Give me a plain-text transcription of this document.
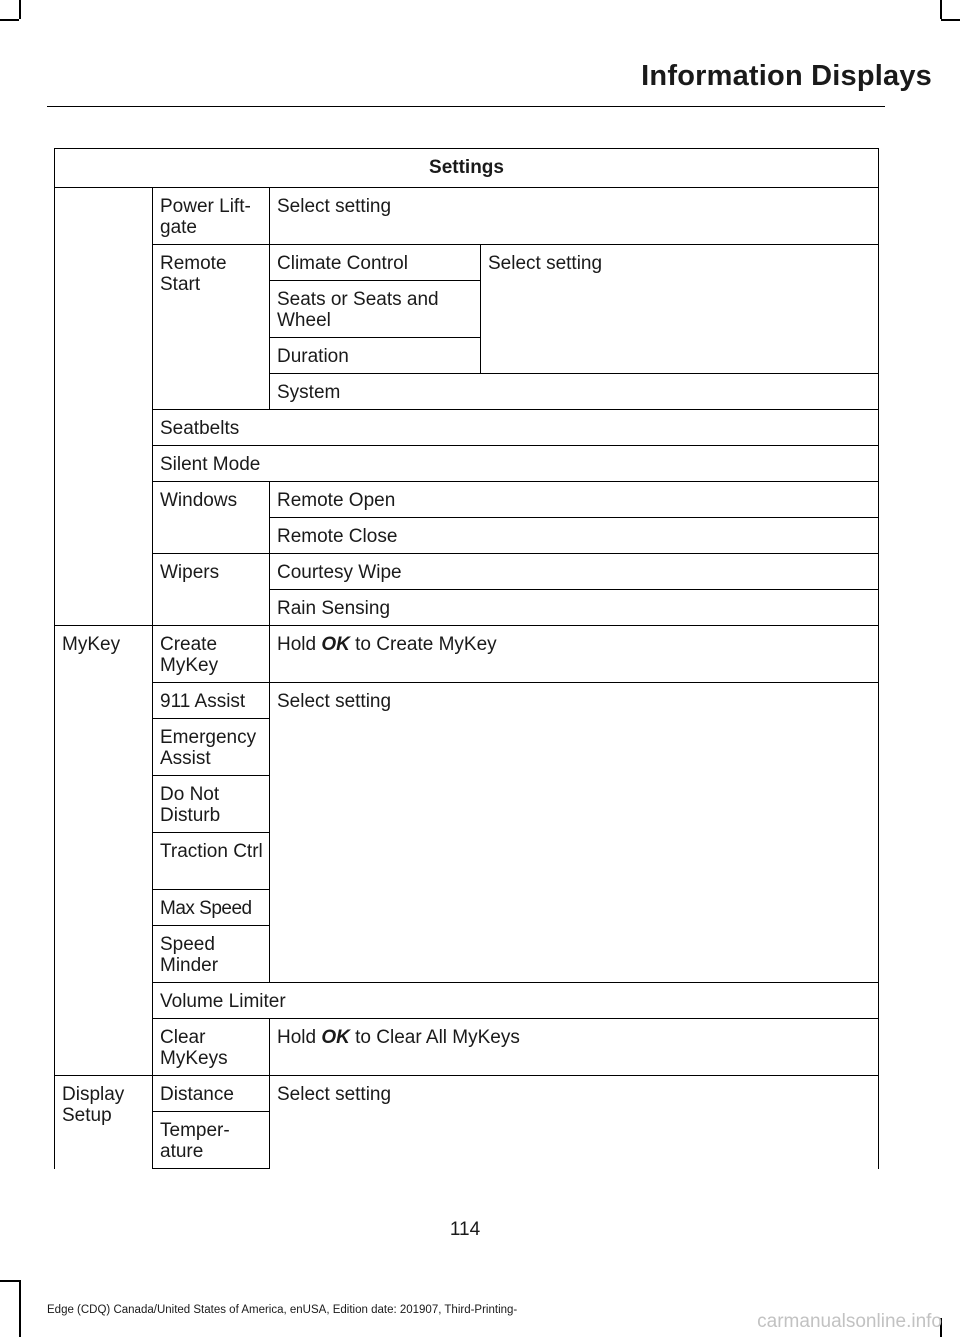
Information Displays
Settings			
	Power Lift-gate	Select setting	
	Remote Start	Climate Control	Select setting
		Seats or Seats and Wheel	
		Duration	
		System	
	Seatbelts		
	Silent Mode		
	Windows	Remote Open	
		Remote Close	
	Wipers	Courtesy Wipe	
		Rain Sensing	
MyKey	Create MyKey	Hold OK to Create MyKey	
	911 Assist	Select setting	
	Emergency Assist		
	Do Not Disturb		
	Traction Ctrl		
	Max Speed		
	Speed Minder		
	Volume Limiter		
	Clear MyKeys	Hold OK to Clear All MyKeys	
Display Setup	Distance	Select setting	
	Temper-ature		
114
Edge (CDQ) Canada/United States of America, enUSA, Edition date: 201907, Third-Printing-
carmanualsonline.info
